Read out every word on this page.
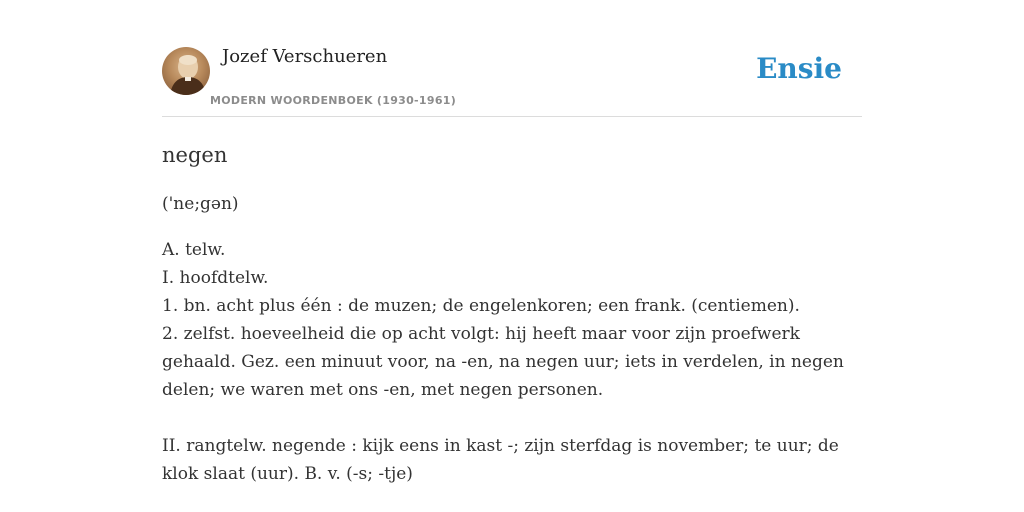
Jozef Verschueren
MODERN WOORDENBOEK (1930-1961)
Ensie
negen
('ne;gən)
A. telw.
I. hoofdtelw.
1. bn. acht plus één : de muzen; de engelenkoren; een frank. (centiemen).
2. zelfst. hoeveelheid die op acht volgt: hij heeft maar voor zijn proefwerk gehaald. Gez. een minuut voor, na -en, na negen uur; iets in verdelen, in negen delen; we waren met ons -en, met negen personen.
II. rangtelw. negende : kijk eens in kast -; zijn sterfdag is november; te uur; de klok slaat (uur). B. v. (-s; -tje)
